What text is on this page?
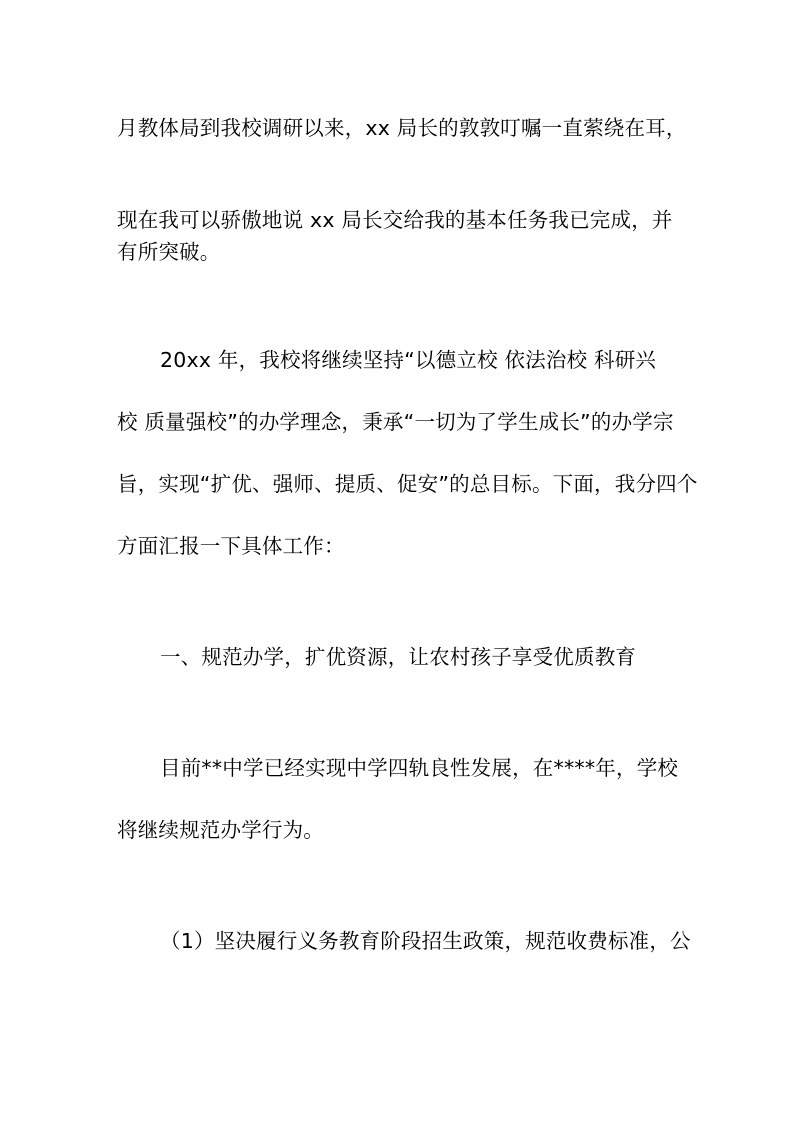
月教体局到我校调研以来，xx 局长的敦敦叮嘱一直萦绕在耳，
现在我可以骄傲地说 xx 局长交给我的基本任务我已完成，并
有所突破。
20xx 年，我校将继续坚持“以德立校 依法治校 科研兴
校 质量强校”的办学理念，秉承“一切为了学生成长”的办学宗
旨，实现“扩优、强师、提质、促安”的总目标。下面，我分四个
方面汇报一下具体工作：
一、规范办学，扩优资源，让农村孩子享受优质教育
目前**中学已经实现中学四轨良性发展，在****年，学校
将继续规范办学行为。
（1）坚决履行义务教育阶段招生政策，规范收费标准，公
